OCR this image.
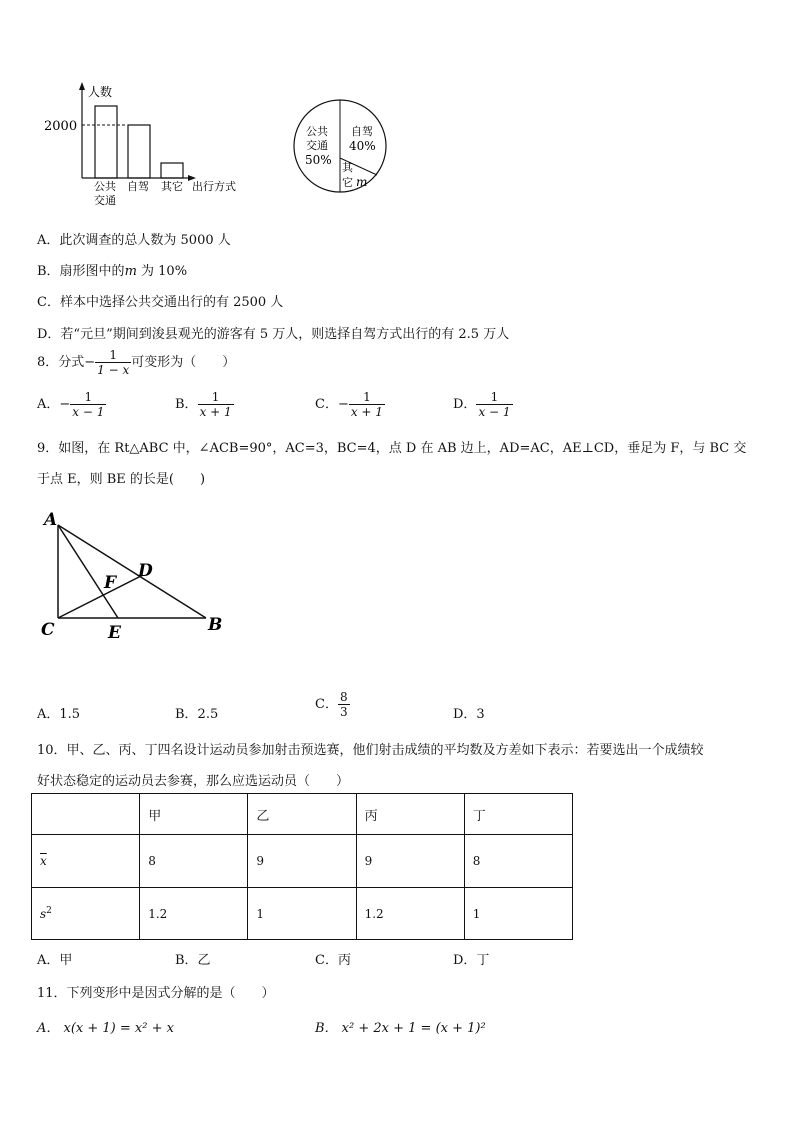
人数
2000
公共
交通
自驾 其它 出行方式
公共
交通
50%
自驾
40%
其
它 m
A．此次调查的总人数为 5000 人
B．扇形图中的m 为 10%
C．样本中选择公共交通出行的有 2500 人
D．若“元旦”期间到浚县观光的游客有 5 万人，则选择自驾方式出行的有 2.5 万人
8．分式− $\frac{1}{1 - x}$ 可变形为（　　）
A．− $\frac{1}{x - 1}$	B． $\frac{1}{x + 1}$	C．− $\frac{1}{x + 1}$	D． $\frac{1}{x - 1}$
9．如图，在 Rt△ABC 中，∠ACB=90°，AC=3，BC=4，点 D 在 AB 边上，AD=AC，AE⊥CD，垂足为 F，与 BC 交
于点 E，则 BE 的长是(　　)
A
C	E	B
D
F
A．1.5	B．2.5
C． $\frac{8}{3}$	D．3
10．甲、乙、丙、丁四名设计运动员参加射击预选赛，他们射击成绩的平均数及方差如下表示：若要选出一个成绩较
好状态稳定的运动员去参赛，那么应选运动员（　　）
	甲	乙	丙	丁
$\overline{x}$	8	9	9	8
$s^2$	1.2	1	1.2	1
A．甲	B．乙	C．丙	D．丁
11．下列变形中是因式分解的是（　　）
A． x(x + 1) = x² + x	B． x² + 2x + 1 = (x + 1)²
